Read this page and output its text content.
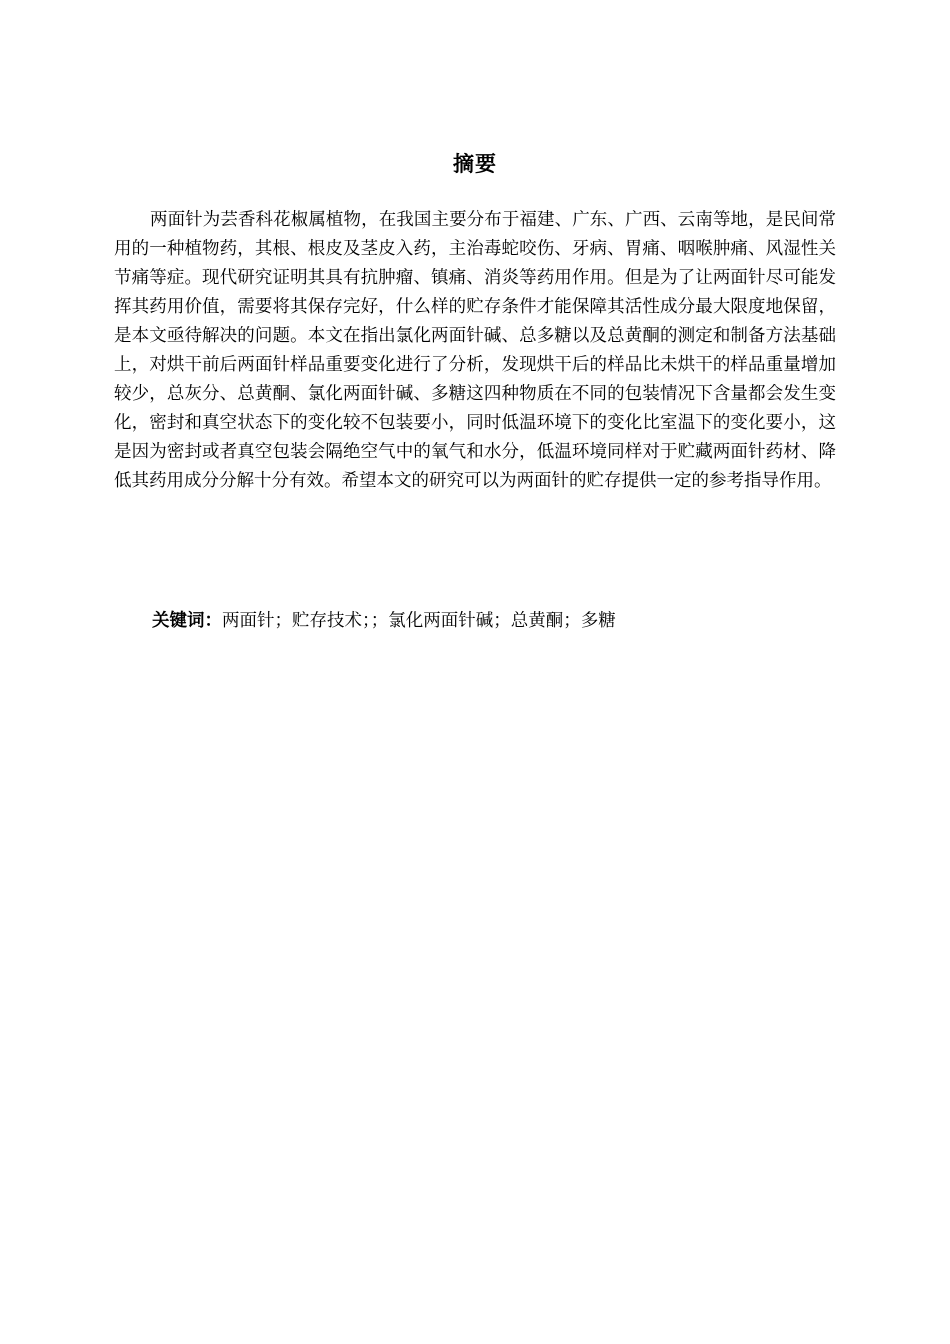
摘要

两面针为芸香科花椒属植物，在我国主要分布于福建、广东、广西、云南等地，是民间常用的一种植物药，其根、根皮及茎皮入药，主治毒蛇咬伤、牙病、胃痛、咽喉肿痛、风湿性关节痛等症。现代研究证明其具有抗肿瘤、镇痛、消炎等药用作用。但是为了让两面针尽可能发挥其药用价值，需要将其保存完好，什么样的贮存条件才能保障其活性成分最大限度地保留，是本文亟待解决的问题。本文在指出氯化两面针碱、总多糖以及总黄酮的测定和制备方法基础上，对烘干前后两面针样品重要变化进行了分析，发现烘干后的样品比未烘干的样品重量增加较少，总灰分、总黄酮、氯化两面针碱、多糖这四种物质在不同的包装情况下含量都会发生变化，密封和真空状态下的变化较不包装要小，同时低温环境下的变化比室温下的变化要小，这是因为密封或者真空包装会隔绝空气中的氧气和水分，低温环境同样对于贮藏两面针药材、降低其药用成分分解十分有效。希望本文的研究可以为两面针的贮存提供一定的参考指导作用。

关键词：两面针；贮存技术；；氯化两面针碱；总黄酮；多糖
